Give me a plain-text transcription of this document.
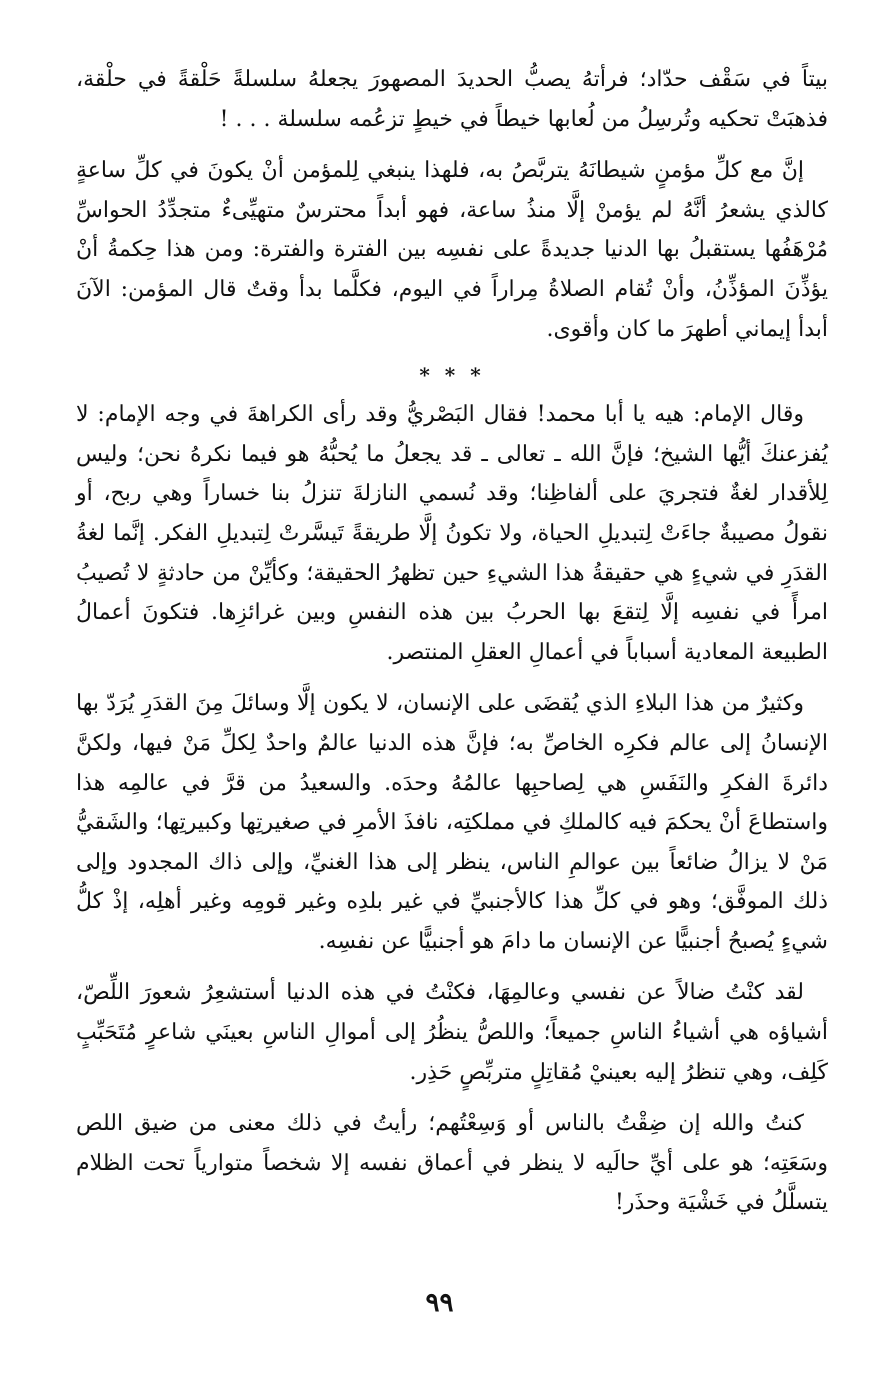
بيتاً في سَقْف حدّاد؛ فرأتهُ يصبُّ الحديدَ المصهورَ يجعلهُ سلسلةً حَلْقةً في حلْقة، فذهبَتْ تحكيه وتُرسِلُ من لُعابها خيطاً في خيطٍ تزعُمه سلسلة . . . !

إنَّ مع كلِّ مؤمنٍ شيطانَهُ يتربَّصُ به، فلهذا ينبغي لِلمؤمن أنْ يكونَ في كلِّ ساعةٍ كالذي يشعرُ أنَّهُ لم يؤمنْ إلَّا منذُ ساعة، فهو أبداً محترسٌ متهيِّىءٌ متجدِّدُ الحواسِّ مُرْهَفُها يستقبلُ بها الدنيا جديدةً على نفسِه بين الفترة والفترة: ومن هذا حِكمةُ أنْ يؤذِّنَ المؤذِّنُ، وأنْ تُقام الصلاةُ مِراراً في اليوم، فكلَّما بدأ وقتٌ قال المؤمن: الآنَ أبدأ إيماني أطهرَ ما كان وأقوى.

* * *

وقال الإمام: هيه يا أبا محمد! فقال البَصْريُّ وقد رأى الكراهةَ في وجه الإمام: لا يُفزعنكَ أيُّها الشيخ؛ فإنَّ الله ـ تعالى ـ قد يجعلُ ما يُحبُّهُ هو فيما نكرهُ نحن؛ وليس لِلأقدار لغةٌ فتجريَ على ألفاظِنا؛ وقد نُسمي النازلةَ تنزلُ بنا خساراً وهي ربح، أو نقولُ مصيبةٌ جاءَتْ لِتبديلِ الحياة، ولا تكونُ إلَّا طريقةً تَيسَّرتْ لِتبديلِ الفكر. إنَّما لغةُ القدَرِ في شيءٍ هي حقيقةُ هذا الشيءِ حين تظهرُ الحقيقة؛ وكأيِّنْ من حادثةٍ لا تُصيبُ امرأً في نفسِه إلَّا لِتقعَ بها الحربُ بين هذه النفسِ وبين غرائزِها. فتكونَ أعمالُ الطبيعة المعادية أسباباً في أعمالِ العقلِ المنتصر.

وكثيرٌ من هذا البلاءِ الذي يُقضَى على الإنسان، لا يكون إلَّا وسائلَ مِنَ القدَرِ يُرَدّ بها الإنسانُ إلى عالم فكرِه الخاصِّ به؛ فإنَّ هذه الدنيا عالمٌ واحدٌ لِكلِّ مَنْ فيها، ولكنَّ دائرةَ الفكرِ والنَفَسِ هي لِصاحبِها عالمُهُ وحدَه. والسعيدُ من قرَّ في عالمِه هذا واستطاعَ أنْ يحكمَ فيه كالملكِ في مملكتِه، نافذَ الأمرِ في صغيرتِها وكبيرتِها؛ والشَقيُّ مَنْ لا يزالُ ضائعاً بين عوالمِ الناس، ينظر إلى هذا الغنيِّ، وإلى ذاك المجدود وإلى ذلك الموفَّق؛ وهو في كلِّ هذا كالأجنبيِّ في غير بلدِه وغير قومِه وغير أهلِه، إذْ كلُّ شيءٍ يُصبحُ أجنبيًّا عن الإنسان ما دامَ هو أجنبيًّا عن نفسِه.

لقد كنْتُ ضالاً عن نفسي وعالمِهَا، فكنْتُ في هذه الدنيا أستشعِرُ شعورَ اللِّصّ، أشياؤه هي أشياءُ الناسِ جميعاً؛ واللصُّ ينظُرُ إلى أموالِ الناسِ بعينَي شاعرٍ مُتَحَبِّبٍ كَلِف، وهي تنظرُ إليه بعينيْ مُقاتِلٍ متربِّصٍ حَذِر.

كنتُ والله إن ضِقْتُ بالناس أو وَسِعْتُهم؛ رأيتُ في ذلك معنى من ضيق اللص وسَعَتِه؛ هو على أيِّ حالَيه لا ينظر في أعماق نفسه إلا شخصاً متوارياً تحت الظلام يتسلَّلُ في خَشْيَة وحذَر!

٩٩
